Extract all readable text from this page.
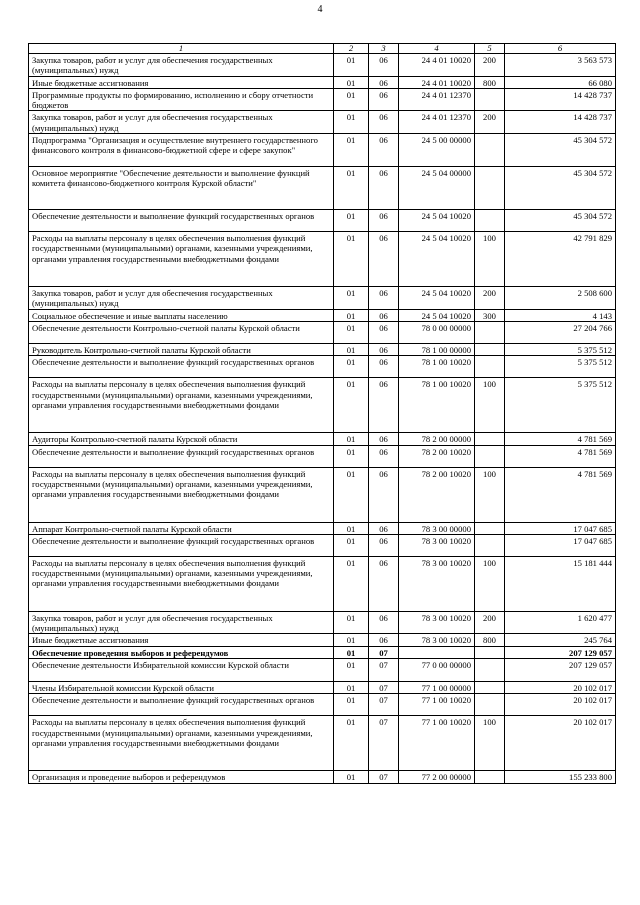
4
1	2	3	4	5	6
Закупка товаров, работ и услуг для обеспечения государственных (муниципальных) нужд	01	06	24 4 01 10020	200	3 563 573
Иные бюджетные ассигнования	01	06	24 4 01 10020	800	66 080
Программные продукты по формированию, исполнению и сбору отчетности бюджетов	01	06	24 4 01 12370		14 428 737
Закупка товаров, работ и услуг для обеспечения государственных (муниципальных) нужд	01	06	24 4 01 12370	200	14 428 737
Подпрограмма "Организация и осуществление внутреннего государственного финансового контроля в финансово-бюджетной сфере и сфере закупок"	01	06	24 5 00 00000		45 304 572
Основное мероприятие "Обеспечение деятельности и выполнение функций комитета финансово-бюджетного контроля Курской области"	01	06	24 5 04 00000		45 304 572
Обеспечение деятельности и выполнение функций государственных органов	01	06	24 5 04 10020		45 304 572
Расходы на выплаты персоналу в целях обеспечения выполнения функций государственными (муниципальными) органами, казенными учреждениями, органами управления государственными внебюджетными фондами	01	06	24 5 04 10020	100	42 791 829
Закупка товаров, работ и услуг для обеспечения государственных (муниципальных) нужд	01	06	24 5 04 10020	200	2 508 600
Социальное обеспечение и иные выплаты населению	01	06	24 5 04 10020	300	4 143
Обеспечение деятельности Контрольно-счетной палаты Курской области	01	06	78 0 00 00000		27 204 766
Руководитель Контрольно-счетной палаты Курской области	01	06	78 1 00 00000		5 375 512
Обеспечение деятельности и выполнение функций государственных органов	01	06	78 1 00 10020		5 375 512
Расходы на выплаты персоналу в целях обеспечения выполнения функций государственными (муниципальными) органами, казенными учреждениями, органами управления государственными внебюджетными фондами	01	06	78 1 00 10020	100	5 375 512
Аудиторы Контрольно-счетной палаты Курской области	01	06	78 2 00 00000		4 781 569
Обеспечение деятельности и выполнение функций государственных органов	01	06	78 2 00 10020		4 781 569
Расходы на выплаты персоналу в целях обеспечения выполнения функций государственными (муниципальными) органами, казенными учреждениями, органами управления государственными внебюджетными фондами	01	06	78 2 00 10020	100	4 781 569
Аппарат Контрольно-счетной палаты Курской области	01	06	78 3 00 00000		17 047 685
Обеспечение деятельности и выполнение функций государственных органов	01	06	78 3 00 10020		17 047 685
Расходы на выплаты персоналу в целях обеспечения выполнения функций государственными (муниципальными) органами, казенными учреждениями, органами управления государственными внебюджетными фондами	01	06	78 3 00 10020	100	15 181 444
Закупка товаров, работ и услуг для обеспечения государственных (муниципальных) нужд	01	06	78 3 00 10020	200	1 620 477
Иные бюджетные ассигнования	01	06	78 3 00 10020	800	245 764
Обеспечение проведения выборов и референдумов	01	07			207 129 057
Обеспечение деятельности Избирательной комиссии Курской области	01	07	77 0 00 00000		207 129 057
Члены Избирательной комиссии Курской области	01	07	77 1 00 00000		20 102 017
Обеспечение деятельности и выполнение функций государственных органов	01	07	77 1 00 10020		20 102 017
Расходы на выплаты персоналу в целях обеспечения выполнения функций государственными (муниципальными) органами, казенными учреждениями, органами управления государственными внебюджетными фондами	01	07	77 1 00 10020	100	20 102 017
Организация и проведение выборов и референдумов	01	07	77 2 00 00000		155 233 800
